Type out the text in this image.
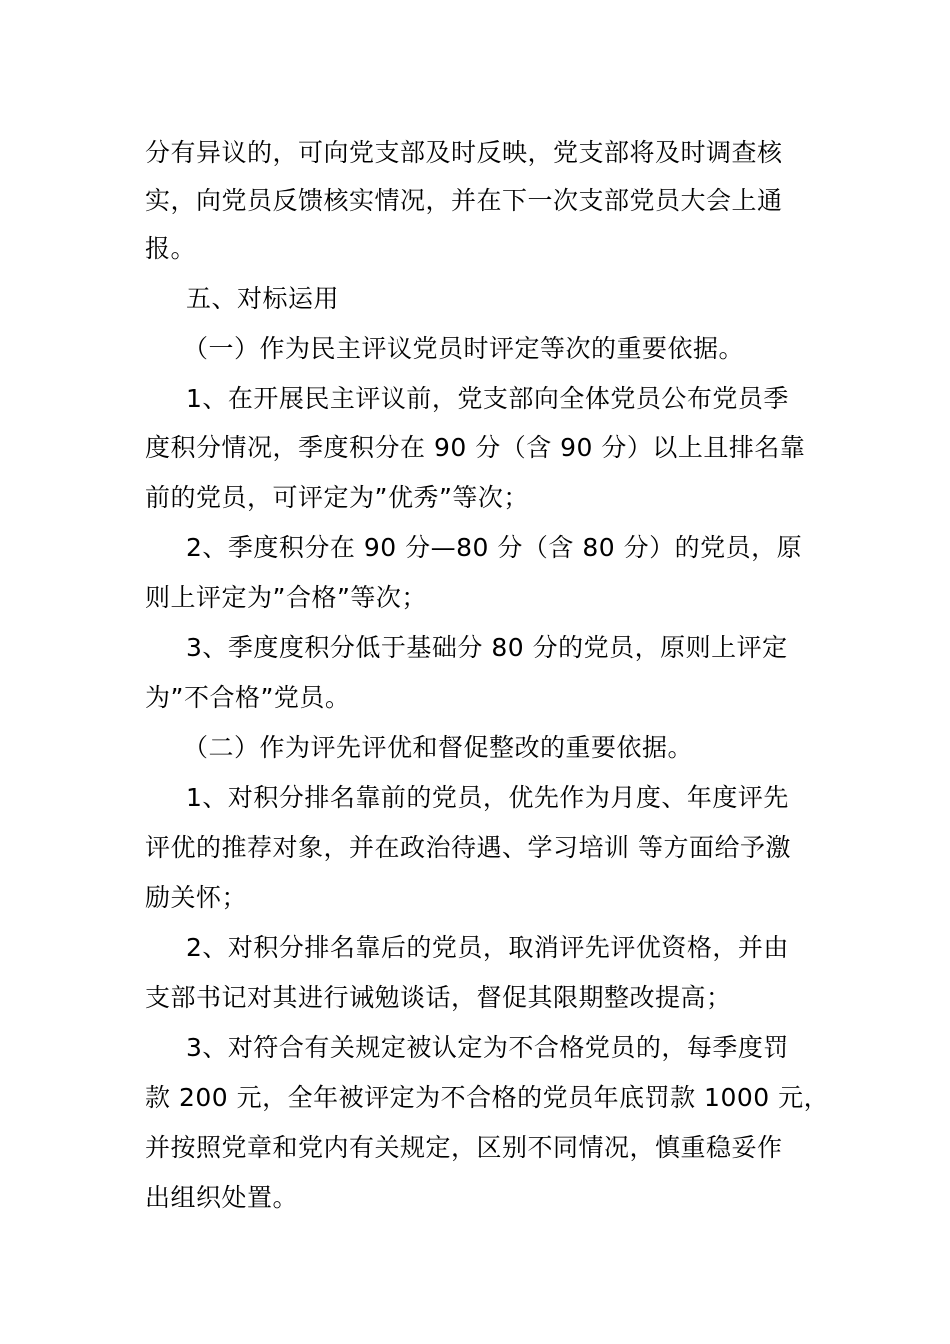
分有异议的，可向党支部及时反映，党支部将及时调查核
实，向党员反馈核实情况，并在下一次支部党员大会上通
报。
五、对标运用
（一）作为民主评议党员时评定等次的重要依据。
1、在开展民主评议前，党支部向全体党员公布党员季
度积分情况，季度积分在 90 分（含 90 分）以上且排名靠
前的党员，可评定为”优秀”等次；
2、季度积分在 90 分—80 分（含 80 分）的党员，原
则上评定为”合格”等次；
3、季度度积分低于基础分 80 分的党员，原则上评定
为”不合格”党员。
（二）作为评先评优和督促整改的重要依据。
1、对积分排名靠前的党员，优先作为月度、年度评先
评优的推荐对象，并在政治待遇、学习培训 等方面给予激
励关怀；
2、对积分排名靠后的党员，取消评先评优资格，并由
支部书记对其进行诫勉谈话，督促其限期整改提高；
3、对符合有关规定被认定为不合格党员的，每季度罚
款 200 元，全年被评定为不合格的党员年底罚款 1000 元，
并按照党章和党内有关规定，区别不同情况，慎重稳妥作
出组织处置。
